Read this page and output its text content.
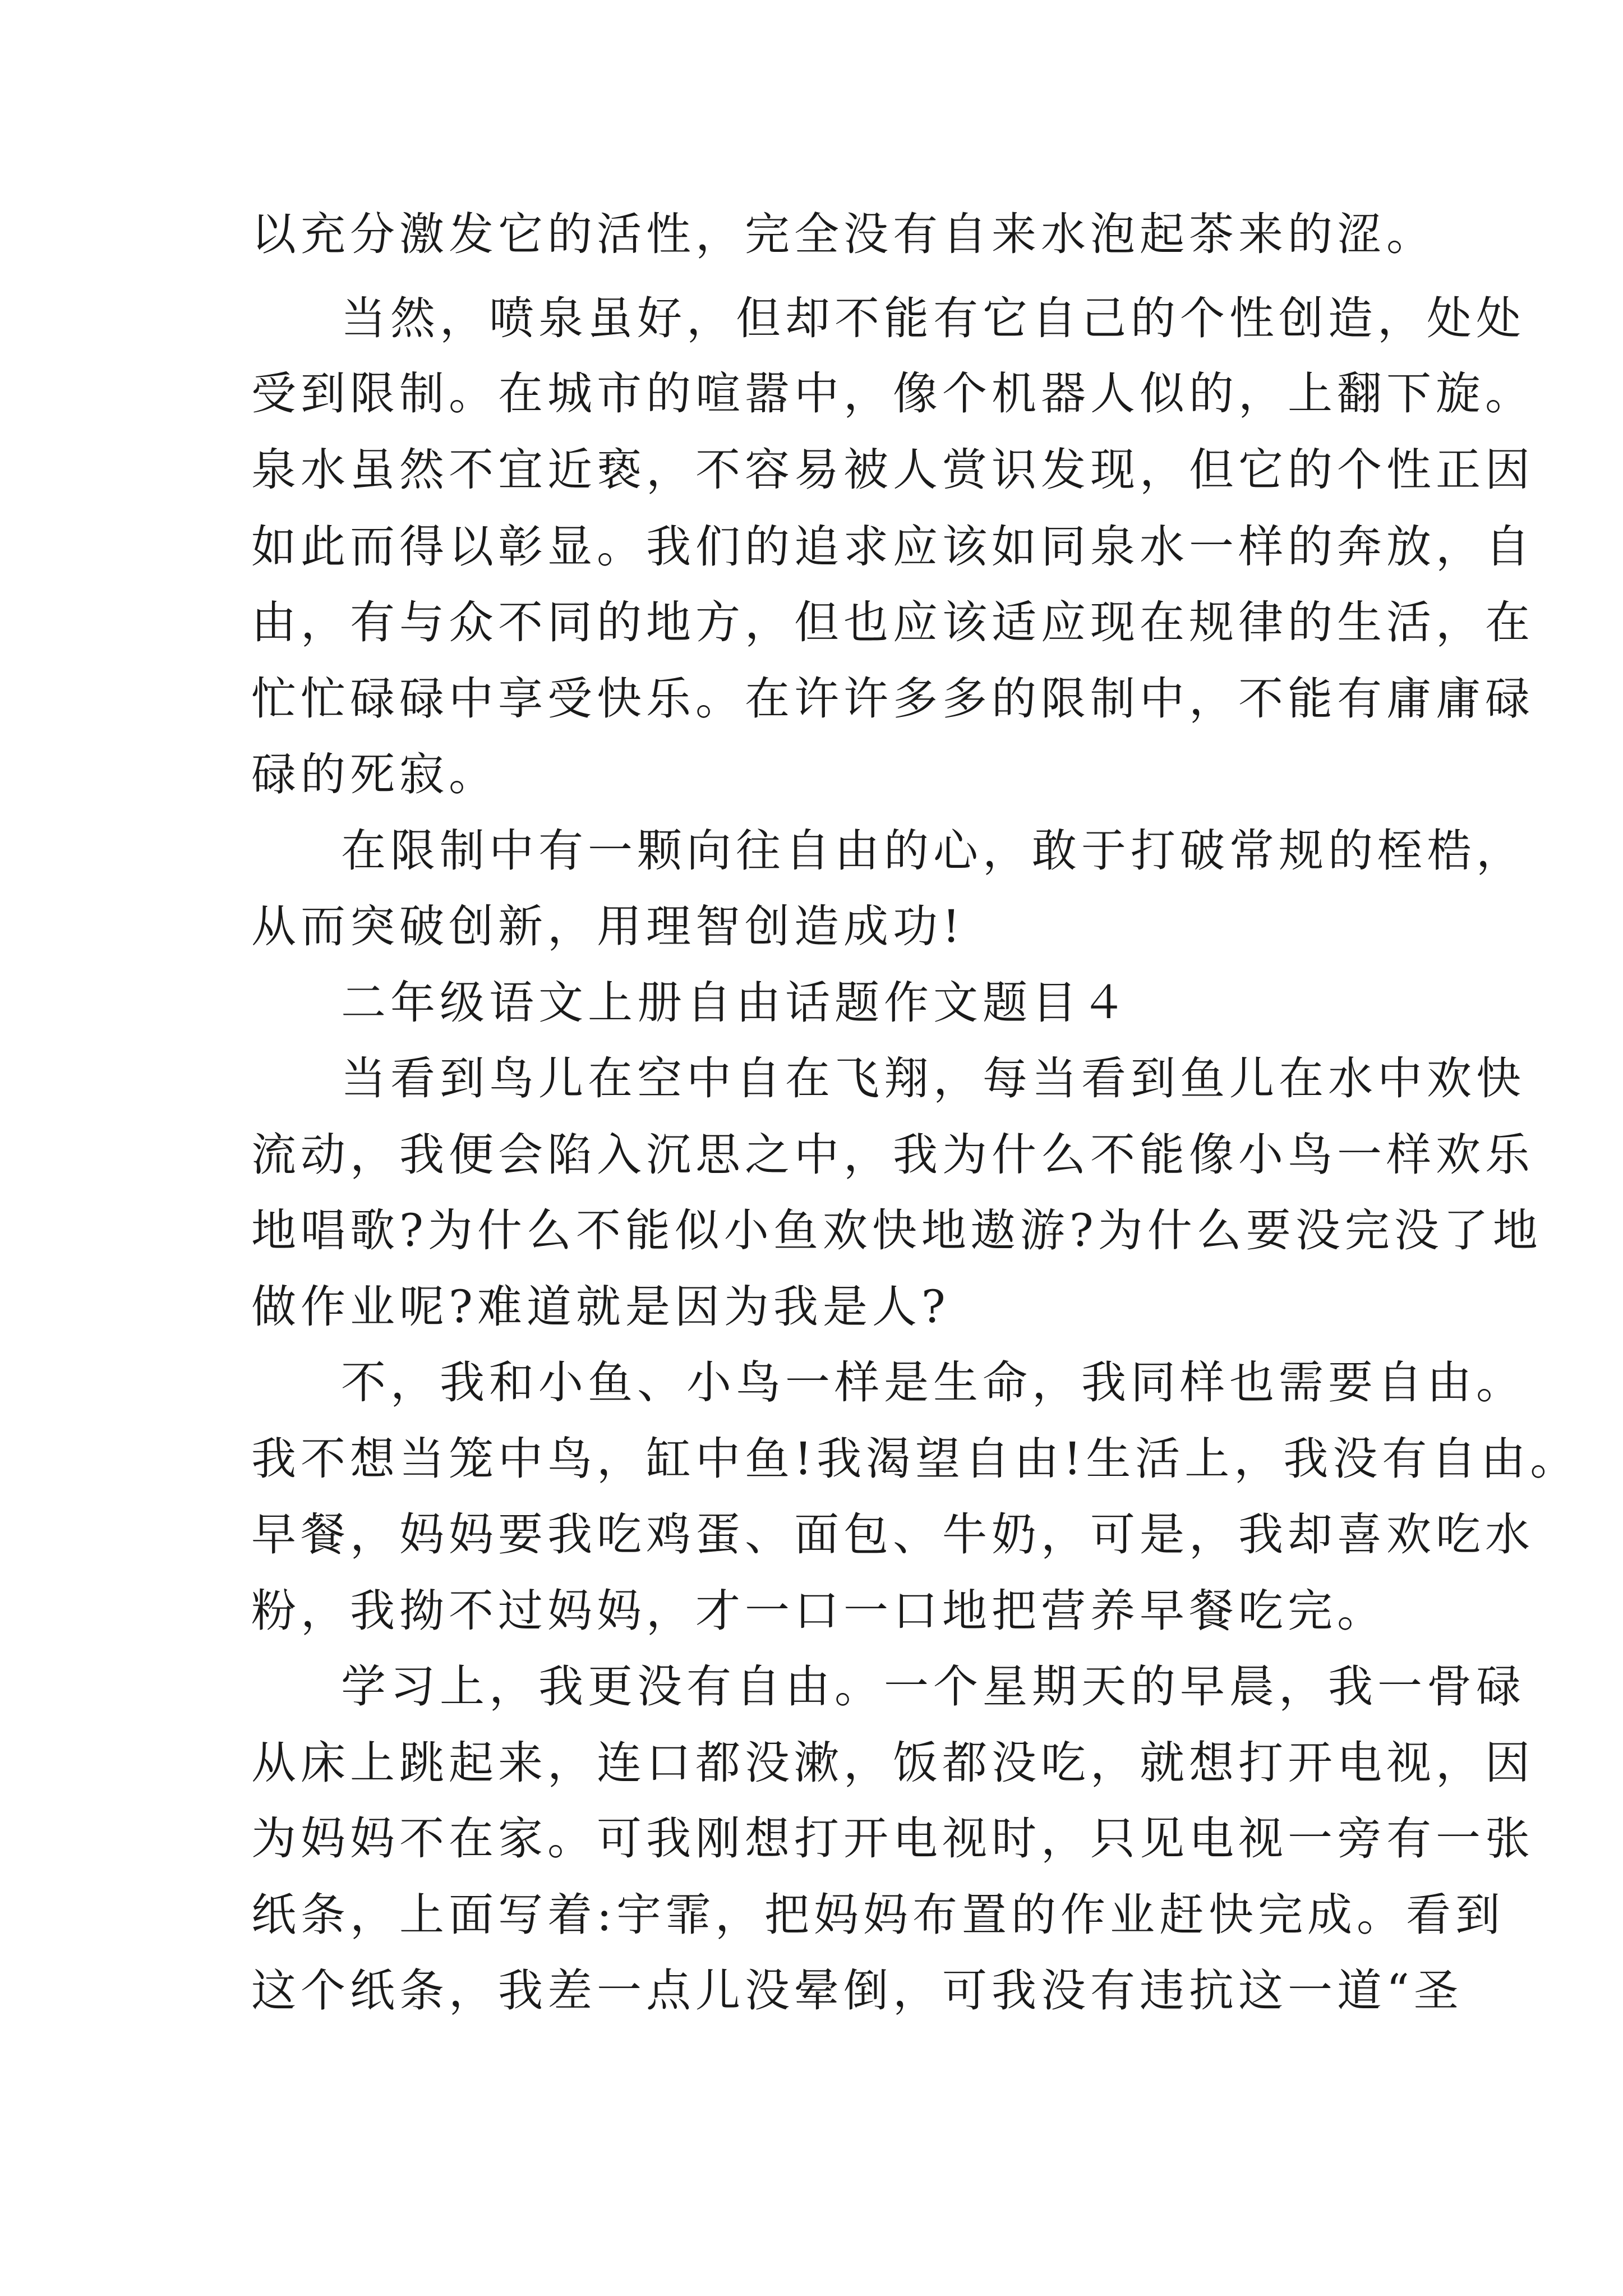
以充分激发它的活性，完全没有自来水泡起茶来的涩。
当然，喷泉虽好，但却不能有它自己的个性创造，处处
受到限制。在城市的喧嚣中，像个机器人似的，上翻下旋。
泉水虽然不宜近亵，不容易被人赏识发现，但它的个性正因
如此而得以彰显。我们的追求应该如同泉水一样的奔放，自
由，有与众不同的地方，但也应该适应现在规律的生活，在
忙忙碌碌中享受快乐。在许许多多的限制中，不能有庸庸碌
碌的死寂。
在限制中有一颗向往自由的心，敢于打破常规的桎梏，
从而突破创新，用理智创造成功!
二年级语文上册自由话题作文题目４
当看到鸟儿在空中自在飞翔，每当看到鱼儿在水中欢快
流动，我便会陷入沉思之中，我为什么不能像小鸟一样欢乐
地唱歌?为什么不能似小鱼欢快地遨游?为什么要没完没了地
做作业呢?难道就是因为我是人?
不，我和小鱼、小鸟一样是生命，我同样也需要自由。
我不想当笼中鸟，缸中鱼!我渴望自由!生活上，我没有自由。
早餐，妈妈要我吃鸡蛋、面包、牛奶，可是，我却喜欢吃水
粉，我拗不过妈妈，才一口一口地把营养早餐吃完。
学习上，我更没有自由。一个星期天的早晨，我一骨碌
从床上跳起来，连口都没漱，饭都没吃，就想打开电视，因
为妈妈不在家。可我刚想打开电视时，只见电视一旁有一张
纸条，上面写着:宇霏，把妈妈布置的作业赶快完成。看到
这个纸条，我差一点儿没晕倒，可我没有违抗这一道“圣
